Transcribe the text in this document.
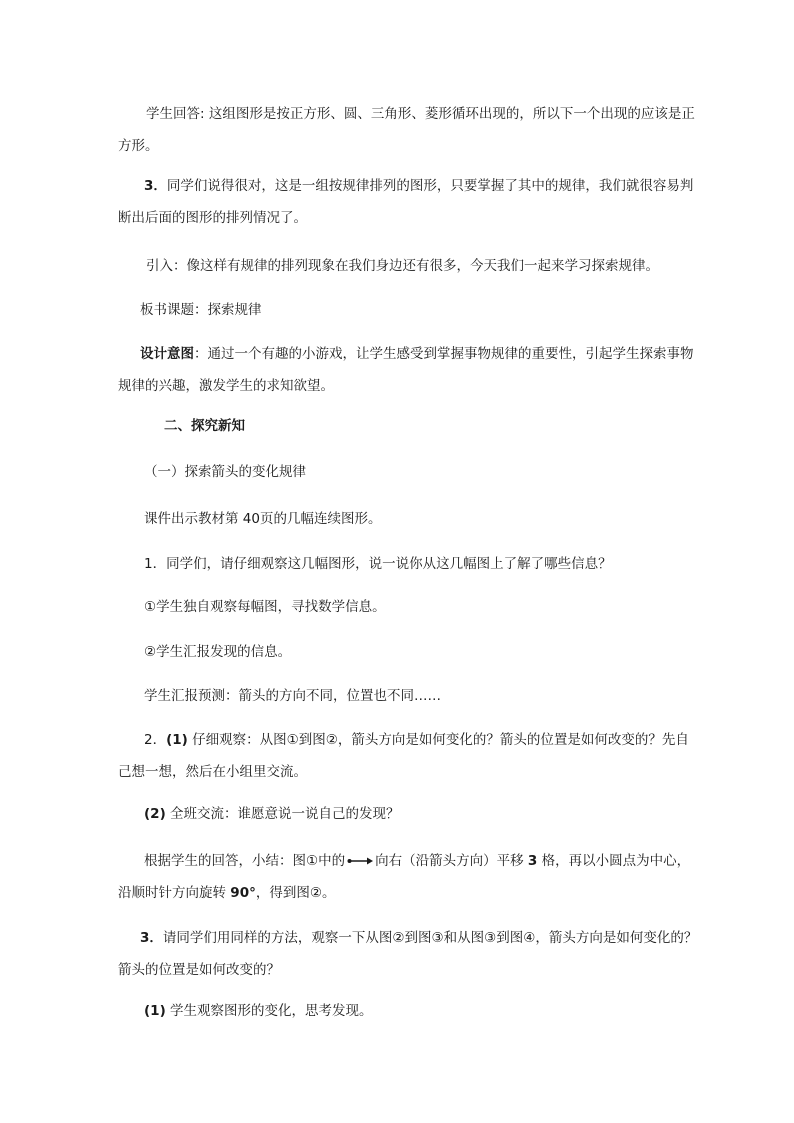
学生回答: 这组图形是按正方形、圆、三角形、菱形循环出现的，所以下一个出现的应该是正方形。

3．同学们说得很对，这是一组按规律排列的图形，只要掌握了其中的规律，我们就很容易判断出后面的图形的排列情况了。

引入：像这样有规律的排列现象在我们身边还有很多，今天我们一起来学习探索规律。

板书课题：探索规律

设计意图：通过一个有趣的小游戏，让学生感受到掌握事物规律的重要性，引起学生探索事物规律的兴趣，激发学生的求知欲望。

二、探究新知

（一）探索箭头的变化规律

课件出示教材第 40页的几幅连续图形。

1．同学们，请仔细观察这几幅图形，说一说你从这几幅图上了解了哪些信息？

①学生独自观察每幅图，寻找数学信息。

②学生汇报发现的信息。

学生汇报预测：箭头的方向不同，位置也不同……

2．(1) 仔细观察：从图①到图②，箭头方向是如何变化的？箭头的位置是如何改变的？先自己想一想，然后在小组里交流。

(2) 全班交流：谁愿意说一说自己的发现？

根据学生的回答，小结：图①中的 向右（沿箭头方向）平移 3 格，再以小圆点为中心，沿顺时针方向旋转 90°，得到图②。

3．请同学们用同样的方法，观察一下从图②到图③和从图③到图④，箭头方向是如何变化的？箭头的位置是如何改变的？

(1) 学生观察图形的变化，思考发现。
